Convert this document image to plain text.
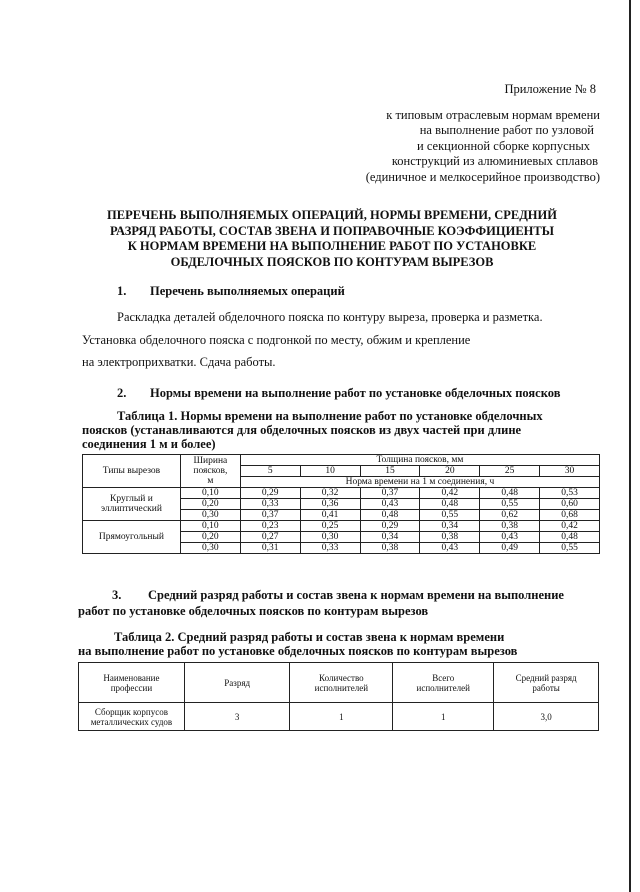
Приложение № 8
к типовым отраслевым нормам времени
на выполнение работ по узловой
и секционной сборке корпусных
конструкций из алюминиевых сплавов
(единичное и мелкосерийное производство)
ПЕРЕЧЕНЬ ВЫПОЛНЯЕМЫХ ОПЕРАЦИЙ, НОРМЫ ВРЕМЕНИ, СРЕДНИЙ
РАЗРЯД РАБОТЫ, СОСТАВ ЗВЕНА И ПОПРАВОЧНЫЕ КОЭФФИЦИЕНТЫ
К НОРМАМ ВРЕМЕНИ НА ВЫПОЛНЕНИЕ РАБОТ ПО УСТАНОВКЕ
ОБДЕЛОЧНЫХ ПОЯСКОВ ПО КОНТУРАМ ВЫРЕЗОВ
1. Перечень выполняемых операций
Раскладка деталей обделочного пояска по контуру выреза, проверка и разметка.
Установка обделочного пояска с подгонкой по месту, обжим и крепление
на электроприхватки. Сдача работы.
2. Нормы времени на выполнение работ по установке обделочных поясков
Таблица 1. Нормы времени на выполнение работ по установке обделочных
поясков (устанавливаются для обделочных поясков из двух частей при длине
соединения 1 м и более)
Типы вырезов	Ширина
поясков,
м	Толщина поясков, мм					
		5	10	15	20	25	30
		Норма времени на 1 м соединения, ч					
Круглый и эллиптический	0,10	0,29	0,32	0,37	0,42	0,48	0,53
	0,20	0,33	0,36	0,43	0,48	0,55	0,60
	0,30	0,37	0,41	0,48	0,55	0,62	0,68
Прямоугольный	0,10	0,23	0,25	0,29	0,34	0,38	0,42
	0,20	0,27	0,30	0,34	0,38	0,43	0,48
	0,30	0,31	0,33	0,38	0,43	0,49	0,55
3. Средний разряд работы и состав звена к нормам времени на выполнение
работ по установке обделочных поясков по контурам вырезов
Таблица 2. Средний разряд работы и состав звена к нормам времени
на выполнение работ по установке обделочных поясков по контурам вырезов
Наименование профессии	Разряд	Количество исполнителей	Всего исполнителей	Средний разряд работы
Сборщик корпусов металлических судов	3	1	1	3,0
